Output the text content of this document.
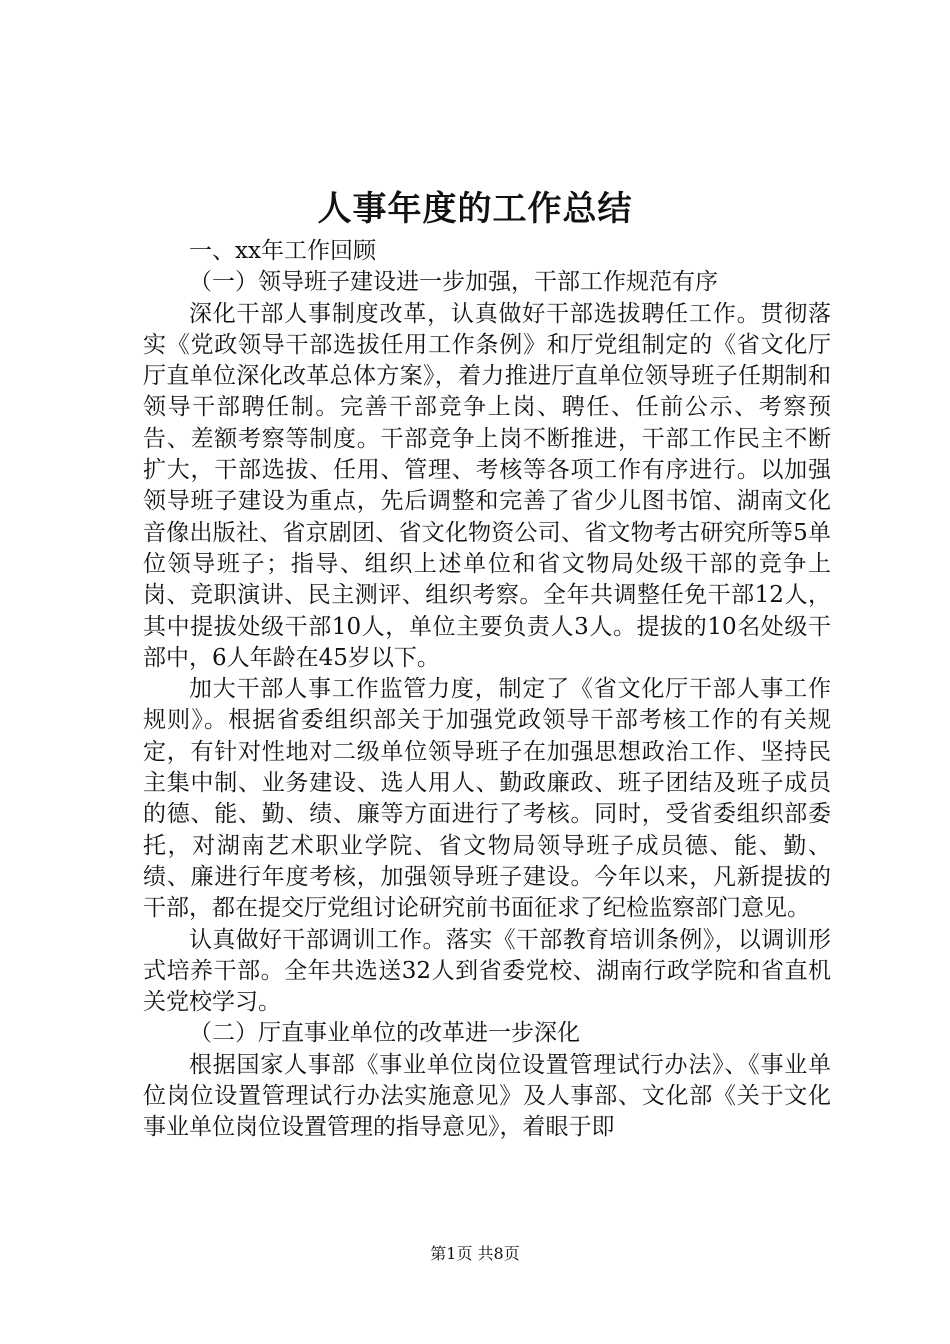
人事年度的工作总结

一、xx年工作回顾

（一）领导班子建设进一步加强，干部工作规范有序

深化干部人事制度改革，认真做好干部选拔聘任工作。贯彻落实《党政领导干部选拔任用工作条例》和厅党组制定的《省文化厅厅直单位深化改革总体方案》，着力推进厅直单位领导班子任期制和领导干部聘任制。完善干部竞争上岗、聘任、任前公示、考察预告、差额考察等制度。干部竞争上岗不断推进，干部工作民主不断扩大，干部选拔、任用、管理、考核等各项工作有序进行。以加强领导班子建设为重点，先后调整和完善了省少儿图书馆、湖南文化音像出版社、省京剧团、省文化物资公司、省文物考古研究所等5单位领导班子；指导、组织上述单位和省文物局处级干部的竞争上岗、竞职演讲、民主测评、组织考察。全年共调整任免干部12人，其中提拔处级干部10人，单位主要负责人3人。提拔的10名处级干部中，6人年龄在45岁以下。

加大干部人事工作监管力度，制定了《省文化厅干部人事工作规则》。根据省委组织部关于加强党政领导干部考核工作的有关规定，有针对性地对二级单位领导班子在加强思想政治工作、坚持民主集中制、业务建设、选人用人、勤政廉政、班子团结及班子成员的德、能、勤、绩、廉等方面进行了考核。同时，受省委组织部委托，对湖南艺术职业学院、省文物局领导班子成员德、能、勤、绩、廉进行年度考核，加强领导班子建设。今年以来，凡新提拔的干部，都在提交厅党组讨论研究前书面征求了纪检监察部门意见。

认真做好干部调训工作。落实《干部教育培训条例》，以调训形式培养干部。全年共选送32人到省委党校、湖南行政学院和省直机关党校学习。

（二）厅直事业单位的改革进一步深化

根据国家人事部《事业单位岗位设置管理试行办法》、《事业单位岗位设置管理试行办法实施意见》及人事部、文化部《关于文化事业单位岗位设置管理的指导意见》，着眼于即

第1页 共8页
